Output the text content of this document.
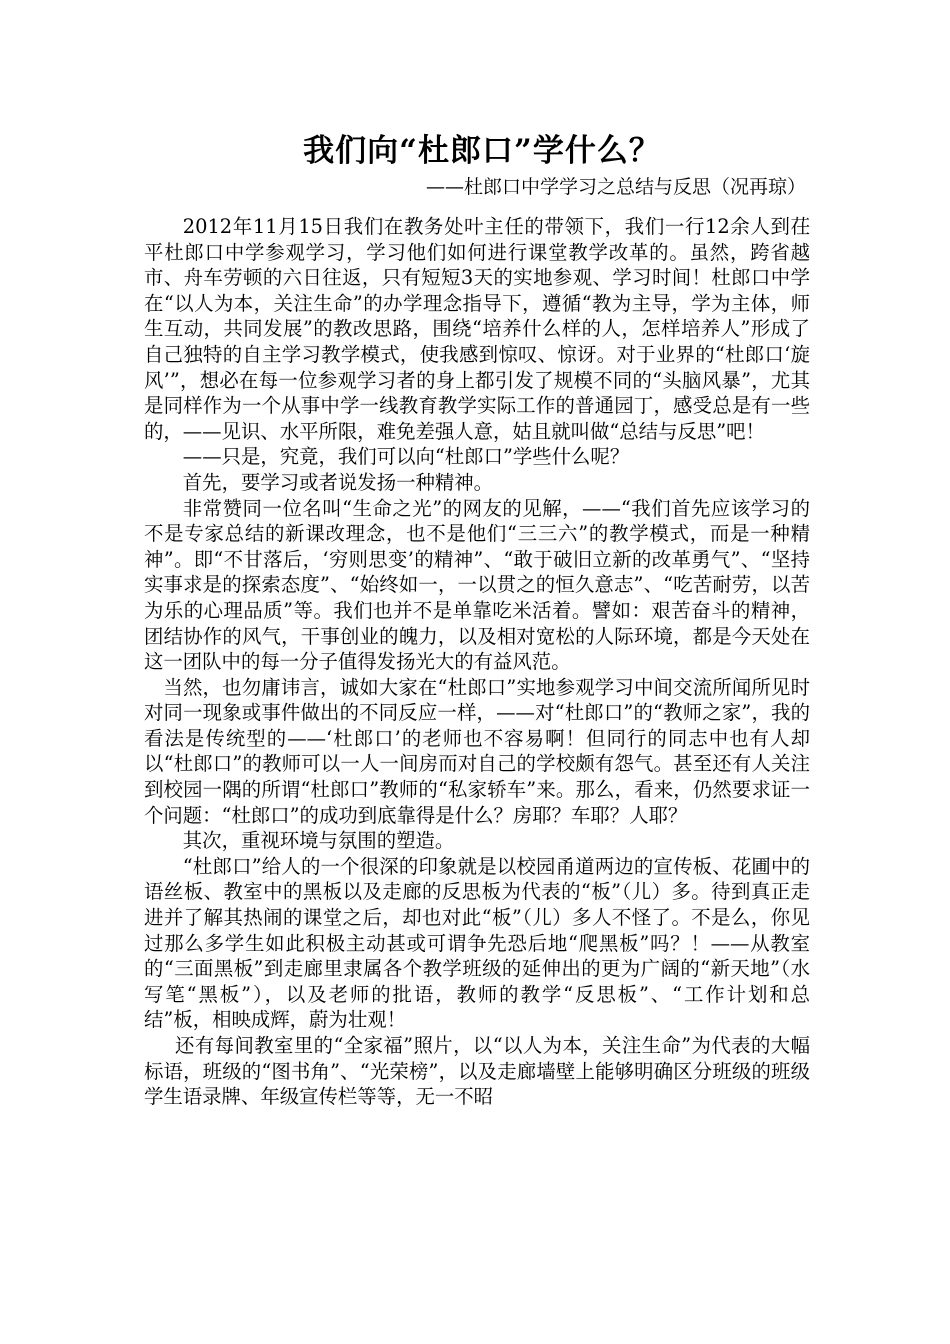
我们向“杜郎口”学什么？
——杜郎口中学学习之总结与反思（况再琼）

2012年11月15日我们在教务处叶主任的带领下，我们一行12余人到茌平杜郎口中学参观学习，学习他们如何进行课堂教学改革的。虽然，跨省越市、舟车劳顿的六日往返，只有短短3天的实地参观、学习时间！杜郎口中学在“以人为本，关注生命”的办学理念指导下，遵循“教为主导，学为主体，师生互动，共同发展”的教改思路，围绕“培养什么样的人，怎样培养人”形成了自己独特的自主学习教学模式，使我感到惊叹、惊讶。对于业界的“杜郎口‘旋风’”，想必在每一位参观学习者的身上都引发了规模不同的“头脑风暴”，尤其是同样作为一个从事中学一线教育教学实际工作的普通园丁，感受总是有一些的，——见识、水平所限，难免差强人意，姑且就叫做“总结与反思”吧！

——只是，究竟，我们可以向“杜郎口”学些什么呢？

首先，要学习或者说发扬一种精神。

非常赞同一位名叫“生命之光”的网友的见解，——“我们首先应该学习的不是专家总结的新课改理念，也不是他们“三三六”的教学模式，而是一种精神”。即“不甘落后，‘穷则思变’的精神”、“敢于破旧立新的改革勇气”、“坚持实事求是的探索态度”、“始终如一，一以贯之的恒久意志”、“吃苦耐劳，以苦为乐的心理品质”等。我们也并不是单靠吃米活着。譬如：艰苦奋斗的精神，团结协作的风气，干事创业的魄力，以及相对宽松的人际环境，都是今天处在这一团队中的每一分子值得发扬光大的有益风范。

当然，也勿庸讳言，诚如大家在“杜郎口”实地参观学习中间交流所闻所见时对同一现象或事件做出的不同反应一样，——对“杜郎口”的“教师之家”，我的看法是传统型的——‘杜郎口’的老师也不容易啊！但同行的同志中也有人却以“杜郎口”的教师可以一人一间房而对自己的学校颇有怨气。甚至还有人关注到校园一隅的所谓“杜郎口”教师的“私家轿车”来。那么，看来，仍然要求证一个问题：“杜郎口”的成功到底靠得是什么？房耶？车耶？人耶？

其次，重视环境与氛围的塑造。

“杜郎口”给人的一个很深的印象就是以校园甬道两边的宣传板、花圃中的语丝板、教室中的黑板以及走廊的反思板为代表的“板”（儿）多。待到真正走进并了解其热闹的课堂之后，却也对此“板”（儿）多人不怪了。不是么，你见过那么多学生如此积极主动甚或可谓争先恐后地“爬黑板”吗？！——从教室的“三面黑板”到走廊里隶属各个教学班级的延伸出的更为广阔的“新天地”（水写笔“黑板”），以及老师的批语，教师的教学“反思板”、“工作计划和总结”板，相映成辉，蔚为壮观！

还有每间教室里的“全家福”照片，以“以人为本，关注生命”为代表的大幅标语，班级的“图书角”、“光荣榜”，以及走廊墙壁上能够明确区分班级的班级学生语录牌、年级宣传栏等等，无一不昭
